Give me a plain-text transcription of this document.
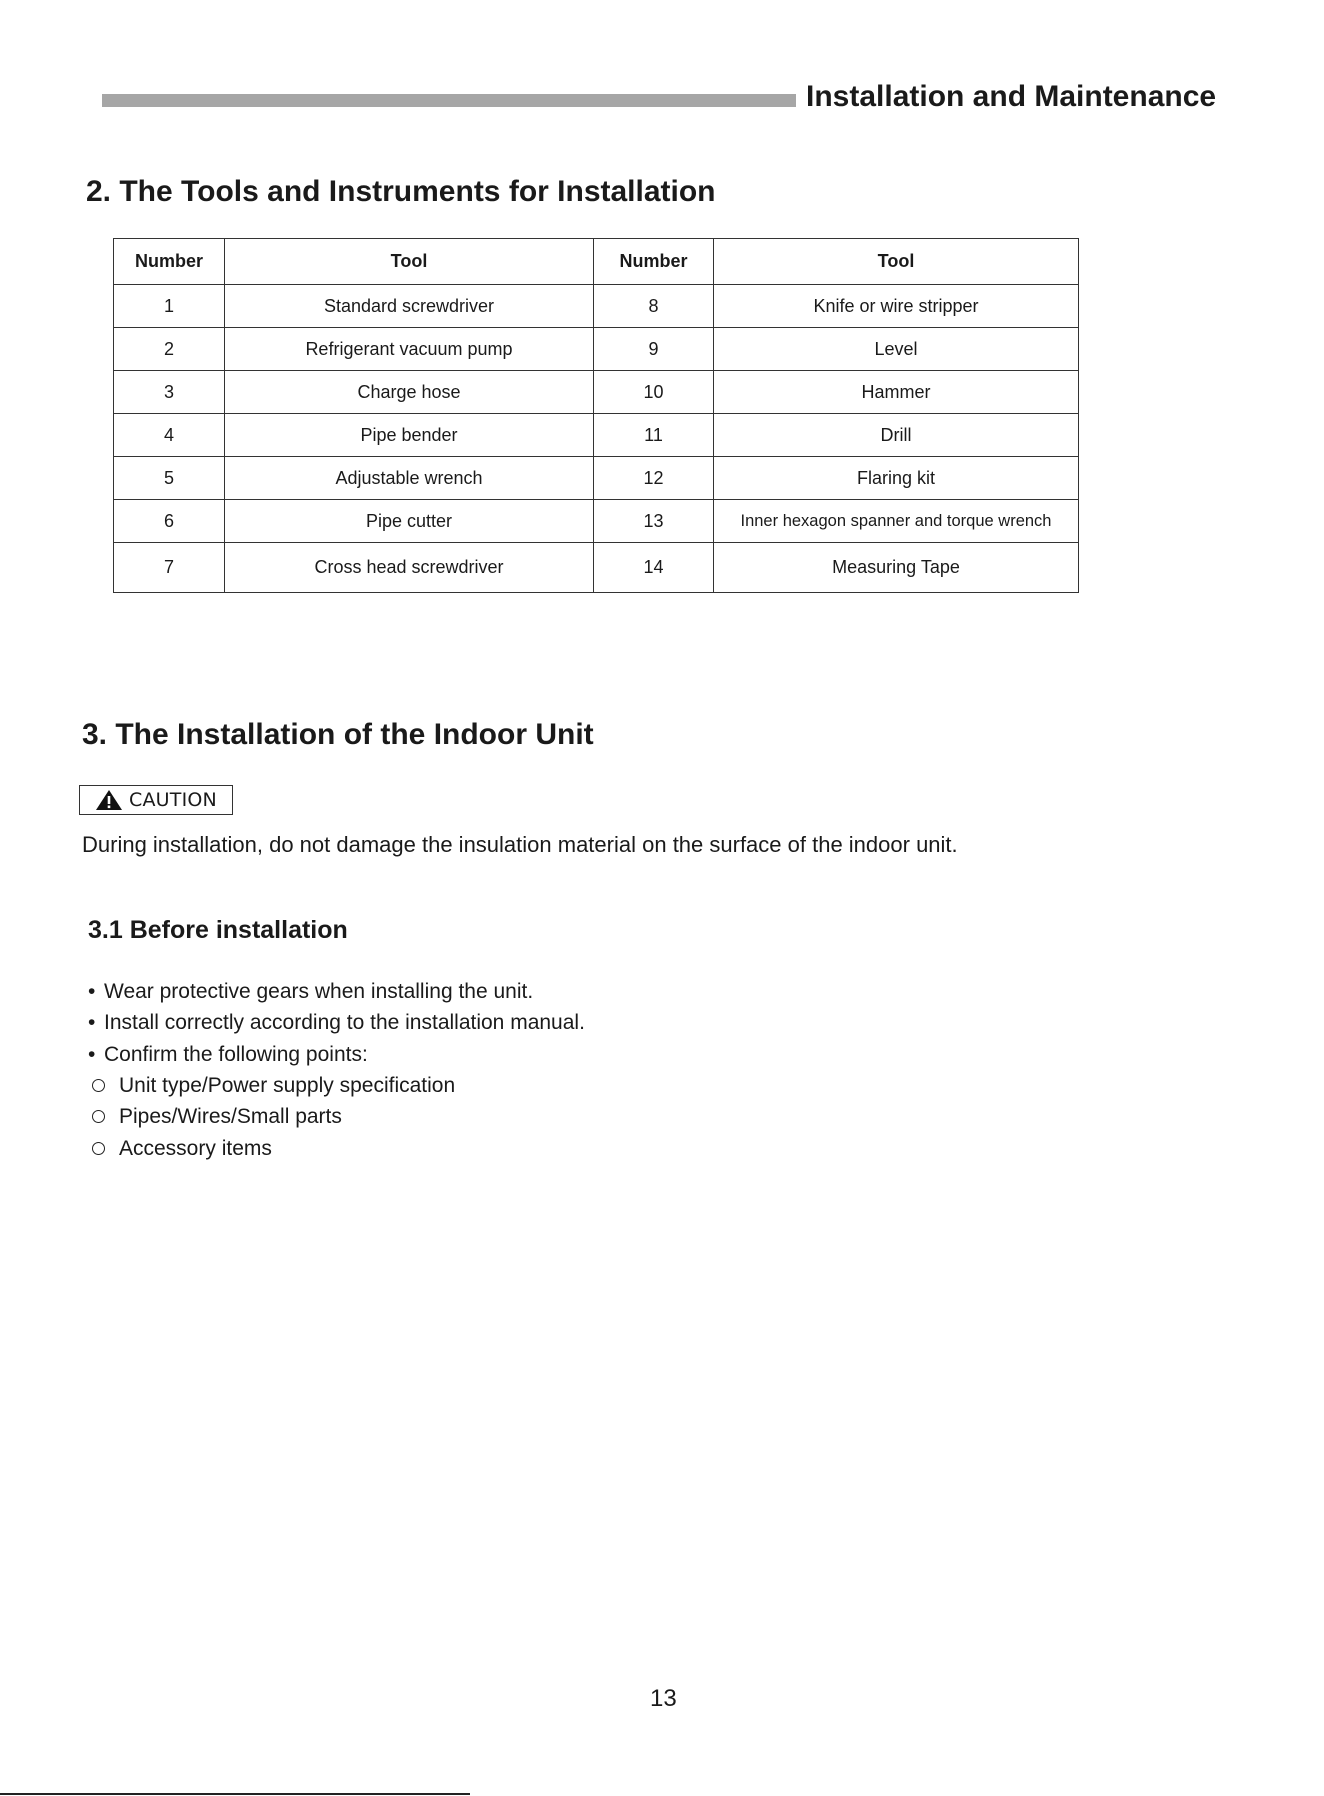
Installation and Maintenance
2. The Tools and Instruments for Installation
Number	Tool	Number	Tool
1	Standard screwdriver	8	Knife or wire stripper
2	Refrigerant vacuum pump	9	Level
3	Charge hose	10	Hammer
4	Pipe bender	11	Drill
5	Adjustable wrench	12	Flaring kit
6	Pipe cutter	13	Inner hexagon spanner and torque wrench
7	Cross head screwdriver	14	Measuring Tape
3. The Installation of the Indoor Unit
CAUTION
During installation, do not damage the insulation material on the surface of the indoor unit.
3.1 Before installation
• Wear protective gears when installing the unit.
• Install correctly according to the installation manual.
• Confirm the following points:
Unit type/Power supply specification
Pipes/Wires/Small parts
Accessory items
13
